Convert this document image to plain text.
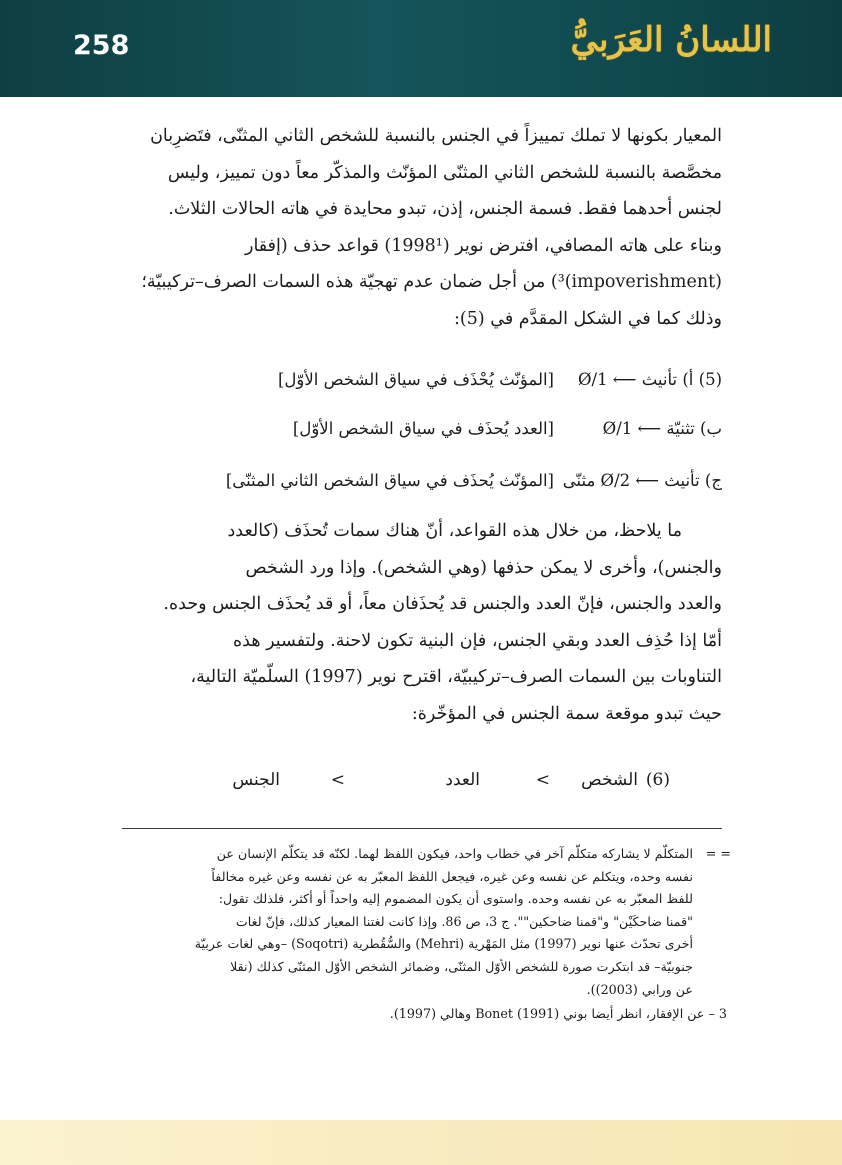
258	اللسانُ العَرَبيُّ

المعيار بكونها لا تملك تمييزاً في الجنس بالنسبة للشخص الثاني المثنّى، فتَضرِبان

مخصَّصة بالنسبة للشخص الثاني المثنّى المؤنّث والمذكّر معاً دون تمييز، وليس

لجنس أحدهما فقط. فسمة الجنس، إذن، تبدو محايدة في هاته الحالات الثلاث.

وبناء على هاته المصافي، افترض نوير (1998¹) قواعد حذف (إفقار

(impoverishment)³) من أجل ضمان عدم تهجيّة هذه السمات الصرف–تركيبيّة؛

وذلك كما في الشكل المقدَّم في (5):

(5) أ) تأنيث ⟵ 1/Ø
[المؤنّث يُحْذَف في سياق الشخص الأوّل]
ب) تثنيّة ⟵ 1/Ø
[العدد يُحذَف في سياق الشخص الأوّل]
ج) تأنيث ⟵ 2/Ø مثنّى
[المؤنّث يُحذَف في سياق الشخص الثاني المثنّى]

ما يلاحظ، من خلال هذه القواعد، أنّ هناك سمات تُحذَف (كالعدد

والجنس)، وأخرى لا يمكن حذفها (وهي الشخص). وإذا ورد الشخص

والعدد والجنس، فإنّ العدد والجنس قد يُحذَفان معاً، أو قد يُحذَف الجنس وحده.

أمّا إذا حُذِف العدد وبقي الجنس، فإن البنية تكون لاحنة. ولتفسير هذه

التناوبات بين السمات الصرف–تركيبيّة، اقترح نوير (1997) السلّميّة التالية،

حيث تبدو موقعة سمة الجنس في المؤخّرة:

(6)
الشخص
>
العدد
>
الجنس
= =
المتكلّم لا يشاركه متكلّم آخر في خطاب واحد، فيكون اللفظ لهما. لكنّه قد يتكلّم الإنسان عن
نفسه وحده، ويتكلم عن نفسه وعن غيره، فيجعل اللفظ المعبّر به عن نفسه وعن غيره مخالفاً
للفظ المعبّر به عن نفسه وحده. واستوى أن يكون المضموم إليه واحداً أو أكثر، فلذلك تقول:
"قمنا ضاحكَيْن" و"قمنا ضاحكين"". ج 3، ص 86. وإذا كانت لغتنا المعيار كذلك، فإنّ لغات
أخرى تحدّث عنها نوير (1997) مثل المَهْرية (Mehri) والسُّقُطرية (Soqotri) –وهي لغات عربيّة
جنوبيّة– قد ابتكرت صورة للشخص الأوّل المثنّى، وضمائر الشخص الأوّل المثنّى كذلك (نقلا
عن ورابي (2003)).
3 – عن الإفقار، انظر أيضا بوني (1991) Bonet وهالي (1997).
